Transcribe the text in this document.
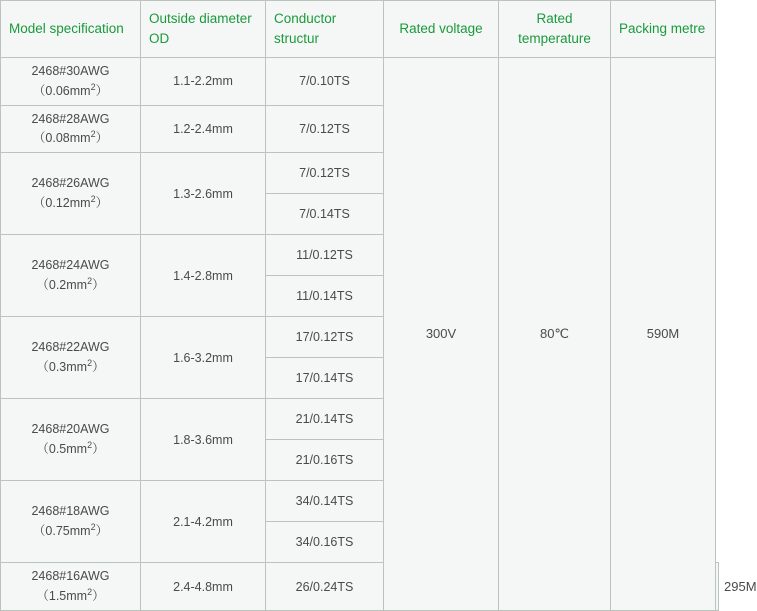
Model specification	Outside diameter OD	Conductor structur	Rated voltage	Rated temperature	Packing metre	
2468#30AWG
$(0.06mm^2)$	1.1-2.2mm	7/0.10TS	300V	80℃	590M	
2468#28AWG
$(0.08mm^2)$	1.2-2.4mm	7/0.12TS				
2468#26AWG
$(0.12mm^2)$	1.3-2.6mm	7/0.12TS				
		7/0.14TS				
2468#24AWG
$(0.2mm^2)$	1.4-2.8mm	11/0.12TS				
		11/0.14TS				
2468#22AWG
$(0.3mm^2)$	1.6-3.2mm	17/0.12TS				
		17/0.14TS				
2468#20AWG
$(0.5mm^2)$	1.8-3.6mm	21/0.14TS				
		21/0.16TS				
2468#18AWG
$(0.75mm^2)$	2.1-4.2mm	34/0.14TS				
		34/0.16TS				
2468#16AWG
$(1.5mm^2)$	2.4-4.8mm	26/0.24TS				295M
